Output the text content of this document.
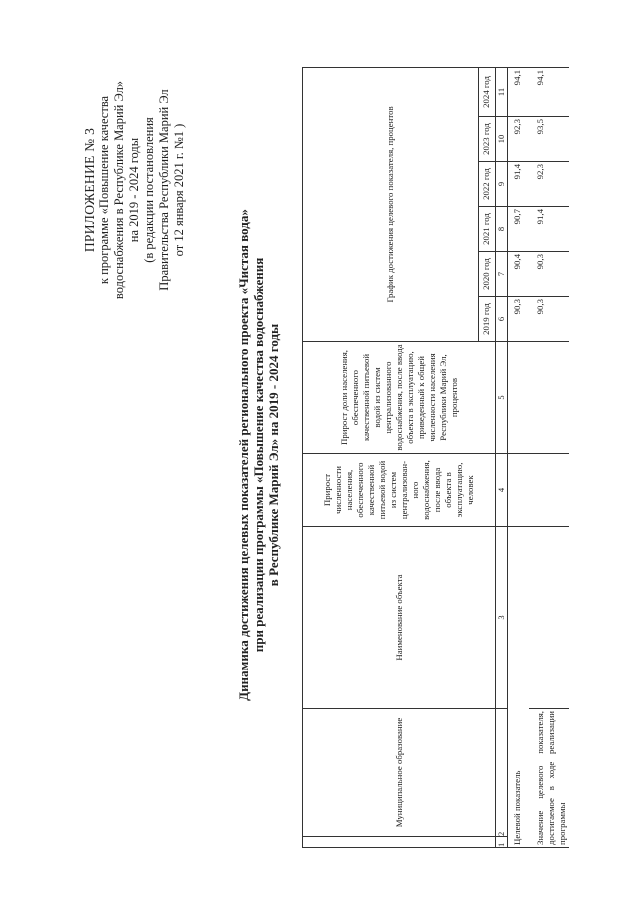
ПРИЛОЖЕНИЕ № 3 к программе «Повышение качества водоснабжения в Республике Марий Эл» на 2019 - 2024 годы (в редакции постановления Правительства Республики Марий Эл от 12 января 2021 г. №1 )
Динамика достижения целевых показателей регионального проекта «Чистая вода» при реализации программы «Повышение качества водоснабжения в Республике Марий Эл» на 2019 - 2024 годы
	Муниципальное образование	Наименование объекта	Прирост численности населения, обеспеченного качественной питьевой водой из систем централизован-ного водоснабжения, после ввода объекта в эксплуатацию, человек	Прирост доли населения, обеспеченного качественной питьевой водой из систем централизованного водоснабжения, после ввода объекта в эксплуатацию, приведенный к общей численности населения Республики Марий Эл, процентов	График достижения целевого показателя, процентов					
					2019 год	2020 год	2021 год	2022 год	2023 год	2024 год
1	2	3	4	5	6	7	8	9	10	11
Целевой показатель					90,3	90,4	90,7	91,4	92,3	94,1
Значение целевого показателя, достигаемое в ходе реализации программы					90,3	90,3	91,4	92,3	93,5	94,1
